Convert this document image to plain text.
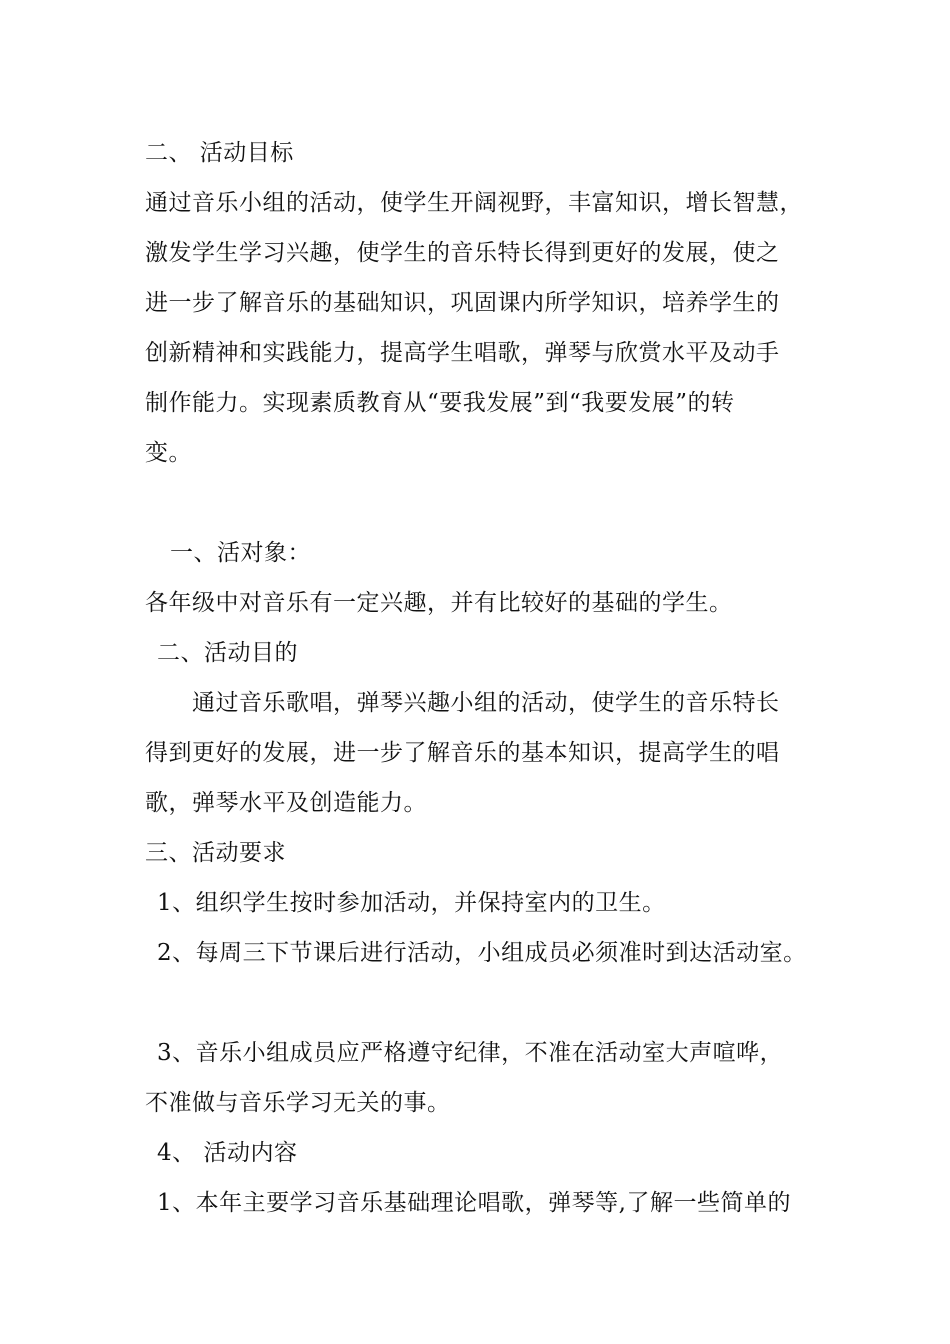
二、 活动目标
通过音乐小组的活动，使学生开阔视野，丰富知识，增长智慧，
激发学生学习兴趣，使学生的音乐特长得到更好的发展，使之
进一步了解音乐的基础知识，巩固课内所学知识，培养学生的
创新精神和实践能力，提高学生唱歌，弹琴与欣赏水平及动手
制作能力。实现素质教育从“要我发展”到“我要发展”的转
变。
一、活对象：
各年级中对音乐有一定兴趣，并有比较好的基础的学生。
二、活动目的
通过音乐歌唱，弹琴兴趣小组的活动，使学生的音乐特长
得到更好的发展，进一步了解音乐的基本知识，提高学生的唱
歌，弹琴水平及创造能力。
三、活动要求
1、组织学生按时参加活动，并保持室内的卫生。
2、每周三下节课后进行活动，小组成员必须准时到达活动室。
3、音乐小组成员应严格遵守纪律，不准在活动室大声喧哗，
不准做与音乐学习无关的事。
4、 活动内容
1、本年主要学习音乐基础理论唱歌，弹琴等,了解一些简单的
